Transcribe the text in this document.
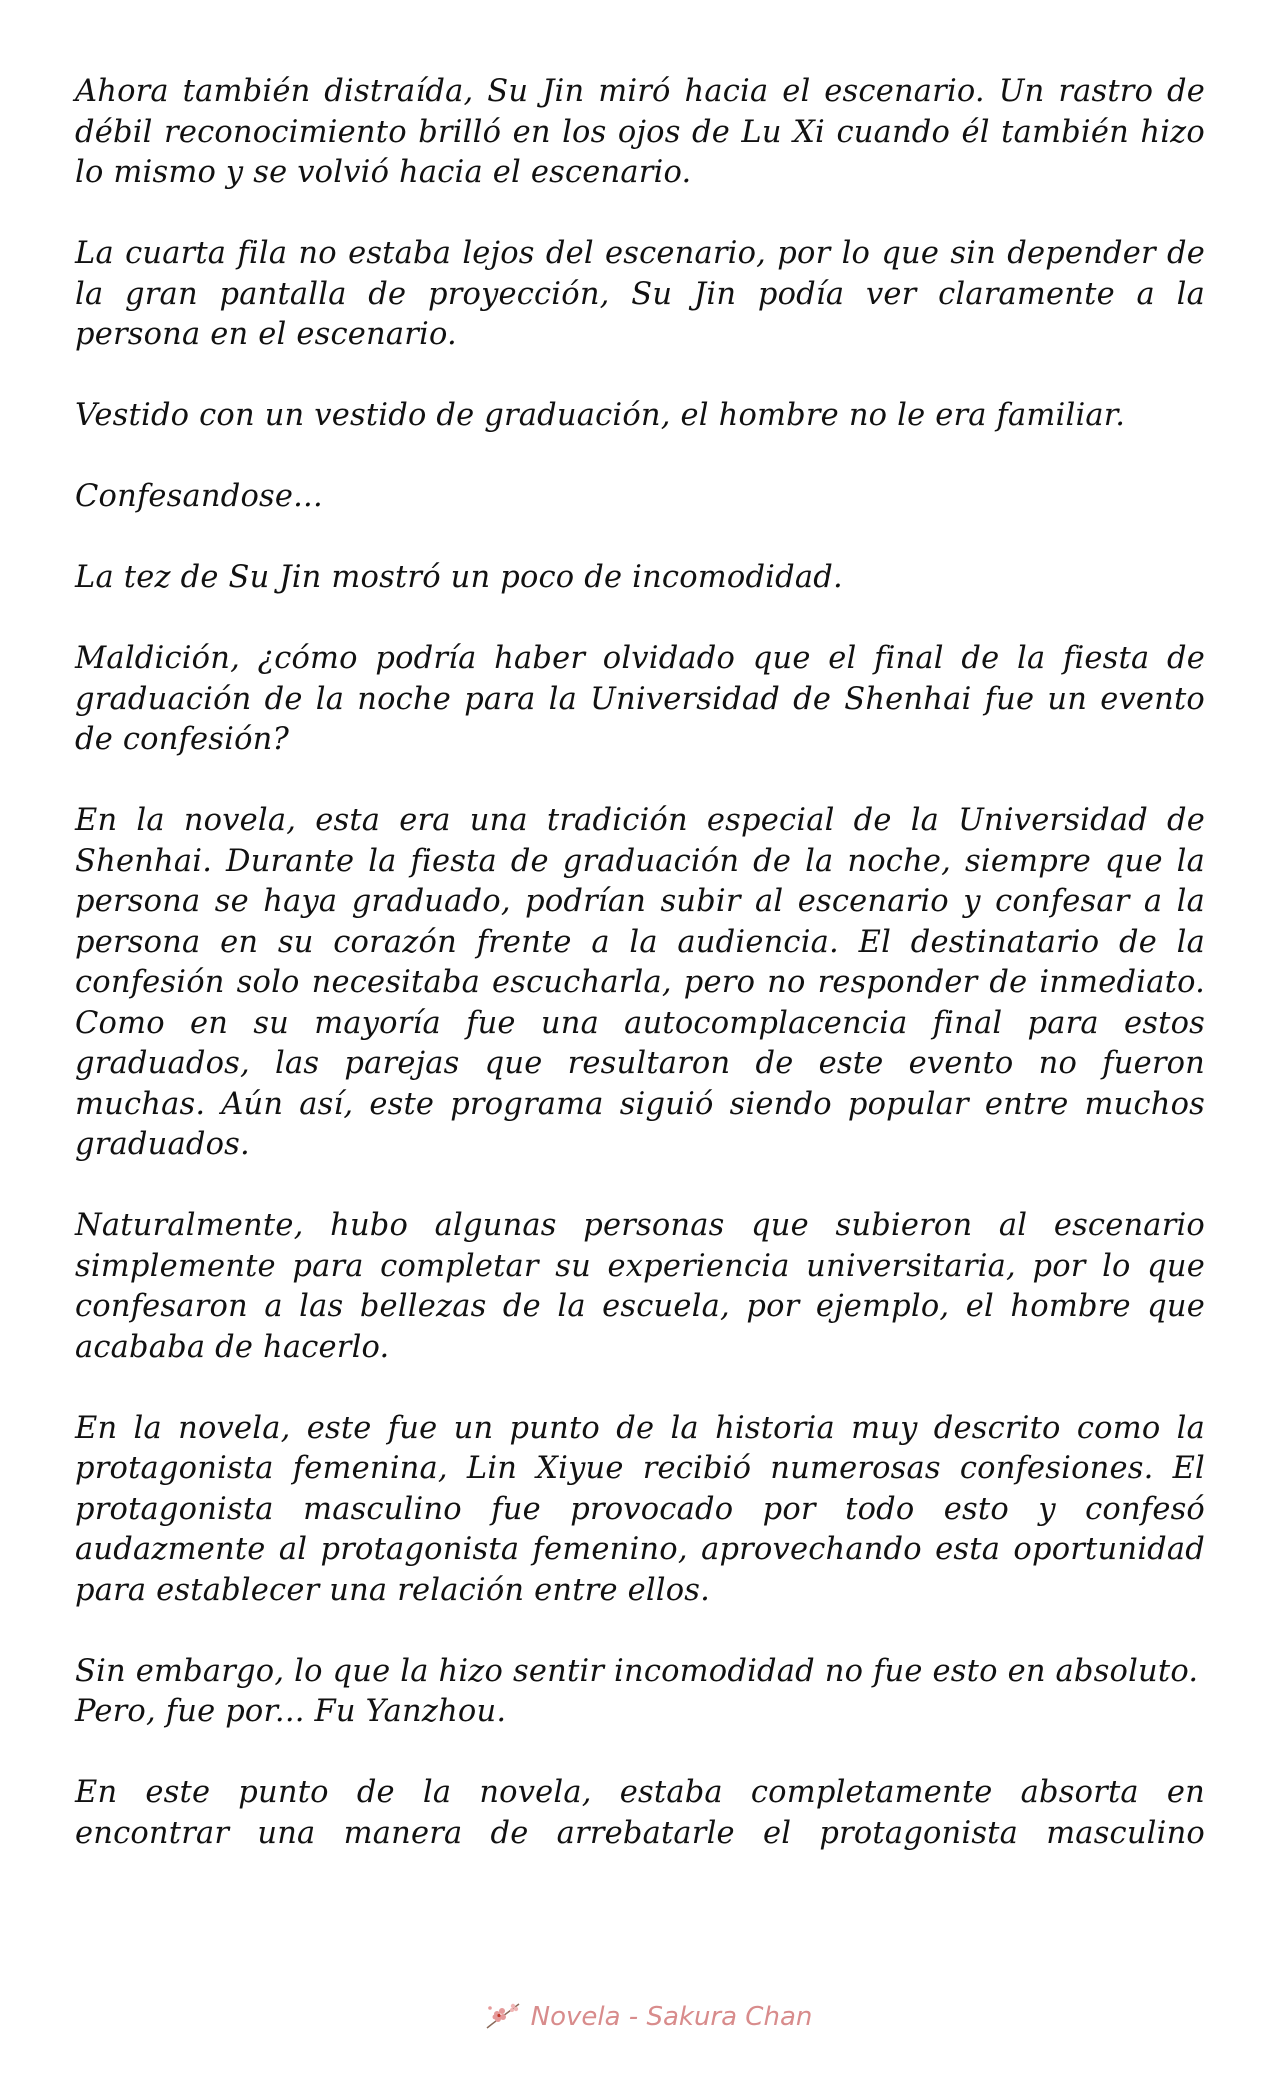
Ahora también distraída, Su Jin miró hacia el escenario. Un rastro de débil reconocimiento brilló en los ojos de Lu Xi cuando él también hizo lo mismo y se volvió hacia el escenario.

La cuarta fila no estaba lejos del escenario, por lo que sin depender de la gran pantalla de proyección, Su Jin podía ver claramente a la persona en el escenario.

Vestido con un vestido de graduación, el hombre no le era familiar.

Confesandose...

La tez de Su Jin mostró un poco de incomodidad.

Maldición, ¿cómo podría haber olvidado que el final de la fiesta de graduación de la noche para la Universidad de Shenhai fue un evento de confesión?

En la novela, esta era una tradición especial de la Universidad de Shenhai. Durante la fiesta de graduación de la noche, siempre que la persona se haya graduado, podrían subir al escenario y confesar a la persona en su corazón frente a la audiencia. El destinatario de la confesión solo necesitaba escucharla, pero no responder de inmediato. Como en su mayoría fue una autocomplacencia final para estos graduados, las parejas que resultaron de este evento no fueron muchas. Aún así, este programa siguió siendo popular entre muchos graduados.

Naturalmente, hubo algunas personas que subieron al escenario simplemente para completar su experiencia universitaria, por lo que confesaron a las bellezas de la escuela, por ejemplo, el hombre que acababa de hacerlo.

En la novela, este fue un punto de la historia muy descrito como la protagonista femenina, Lin Xiyue recibió numerosas confesiones. El protagonista masculino fue provocado por todo esto y confesó audazmente al protagonista femenino, aprovechando esta oportunidad para establecer una relación entre ellos.

Sin embargo, lo que la hizo sentir incomodidad no fue esto en absoluto.

Pero, fue por... Fu Yanzhou.

En este punto de la novela, estaba completamente absorta en encontrar una manera de arrebatarle el protagonista masculino

Novela - Sakura Chan
